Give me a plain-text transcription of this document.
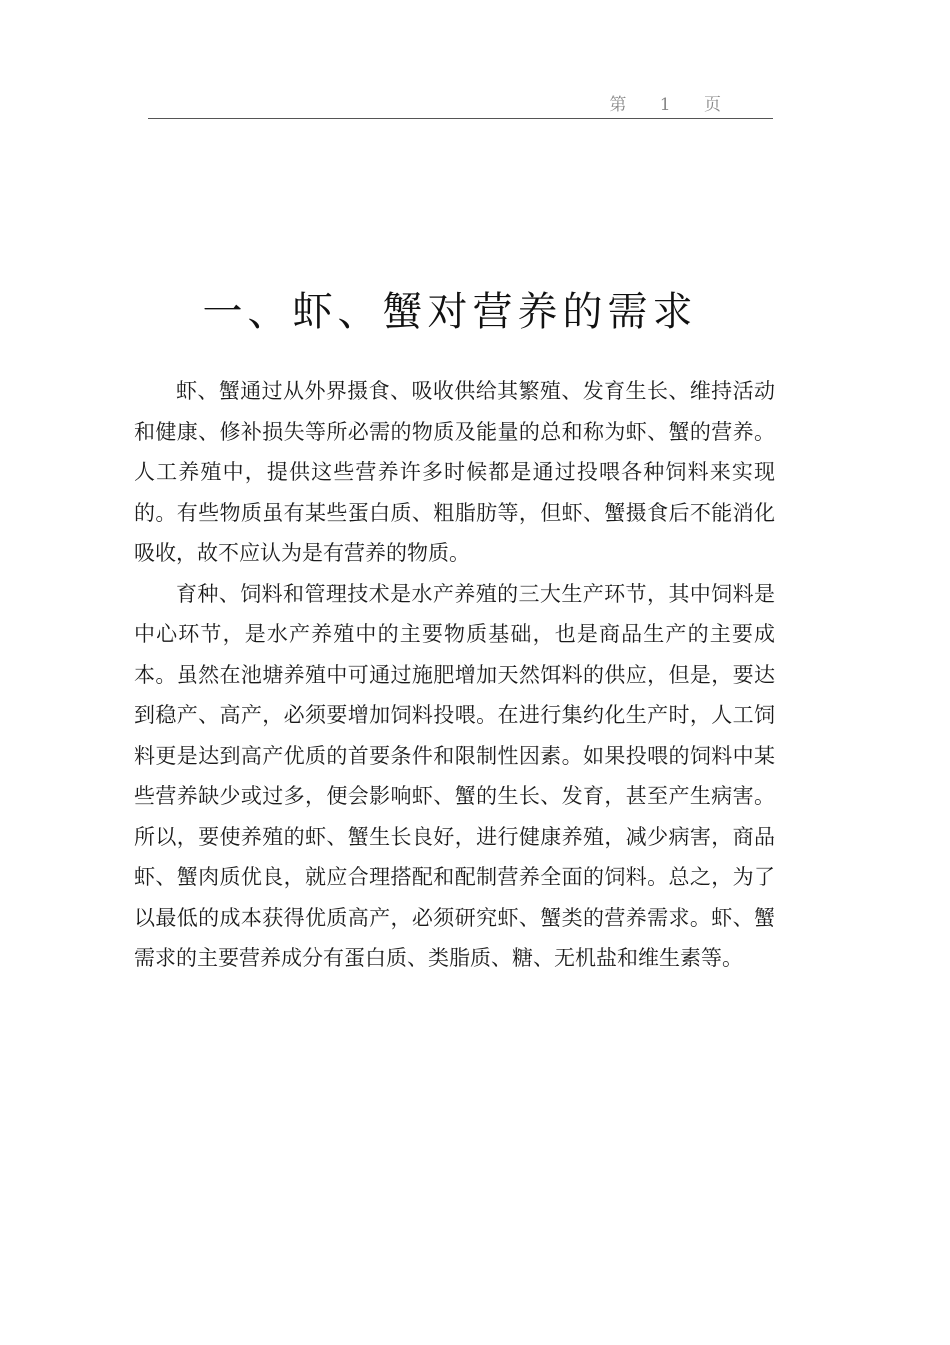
第 1 页
一、虾、蟹对营养的需求

虾、蟹通过从外界摄食、吸收供给其繁殖、发育生长、维持活动和健康、修补损失等所必需的物质及能量的总和称为虾、蟹的营养。人工养殖中，提供这些营养许多时候都是通过投喂各种饲料来实现的。有些物质虽有某些蛋白质、粗脂肪等，但虾、蟹摄食后不能消化吸收，故不应认为是有营养的物质。

育种、饲料和管理技术是水产养殖的三大生产环节，其中饲料是中心环节，是水产养殖中的主要物质基础，也是商品生产的主要成本。虽然在池塘养殖中可通过施肥增加天然饵料的供应，但是，要达到稳产、高产，必须要增加饲料投喂。在进行集约化生产时，人工饲料更是达到高产优质的首要条件和限制性因素。如果投喂的饲料中某些营养缺少或过多，便会影响虾、蟹的生长、发育，甚至产生病害。所以，要使养殖的虾、蟹生长良好，进行健康养殖，减少病害，商品虾、蟹肉质优良，就应合理搭配和配制营养全面的饲料。总之，为了以最低的成本获得优质高产，必须研究虾、蟹类的营养需求。虾、蟹需求的主要营养成分有蛋白质、类脂质、糖、无机盐和维生素等。
